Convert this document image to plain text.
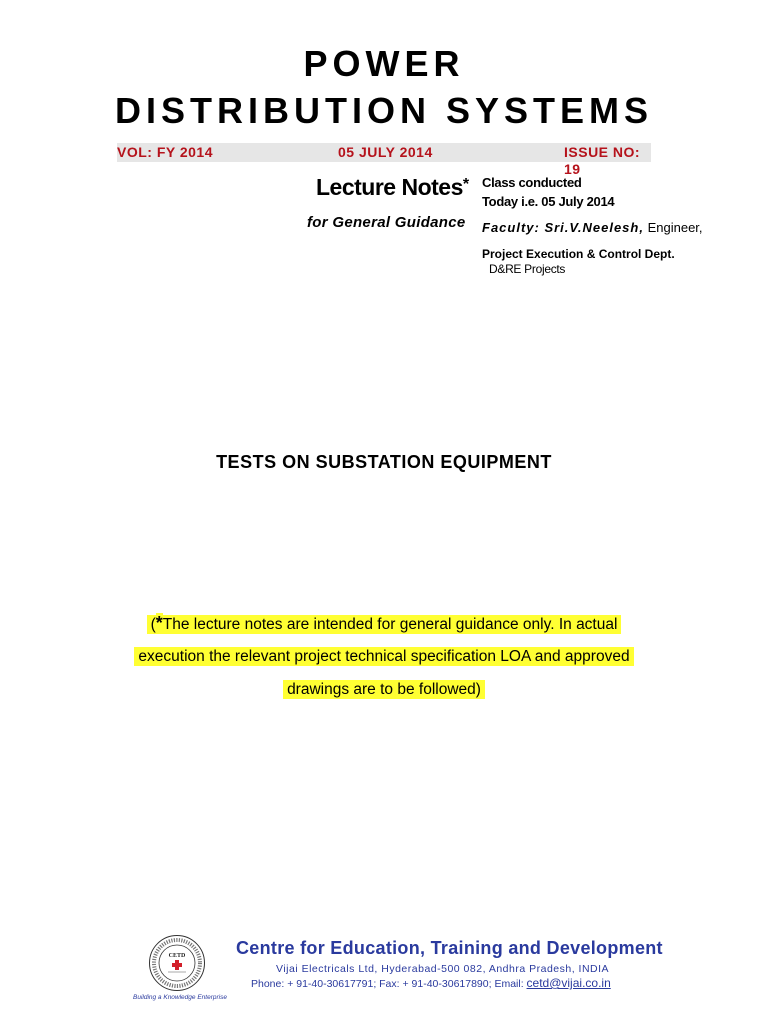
POWER
DISTRIBUTION SYSTEMS
VOL: FY 2014	05 JULY 2014	ISSUE NO: 19
Lecture Notes*
for General Guidance
Class conducted
Today i.e. 05 July 2014
Faculty: Sri.V.Neelesh, Engineer,
Project Execution & Control Dept.
D&RE Projects
TESTS ON SUBSTATION EQUIPMENT
(*The lecture notes are intended for general guidance only. In actual
execution the relevant project technical specification LOA and approved
drawings are to be followed)
CETD
Building a Knowledge Enterprise
Centre for Education, Training and Development
Vijai Electricals Ltd, Hyderabad-500 082, Andhra Pradesh, INDIA
Phone: + 91-40-30617791; Fax: + 91-40-30617890; Email: cetd@vijai.co.in
